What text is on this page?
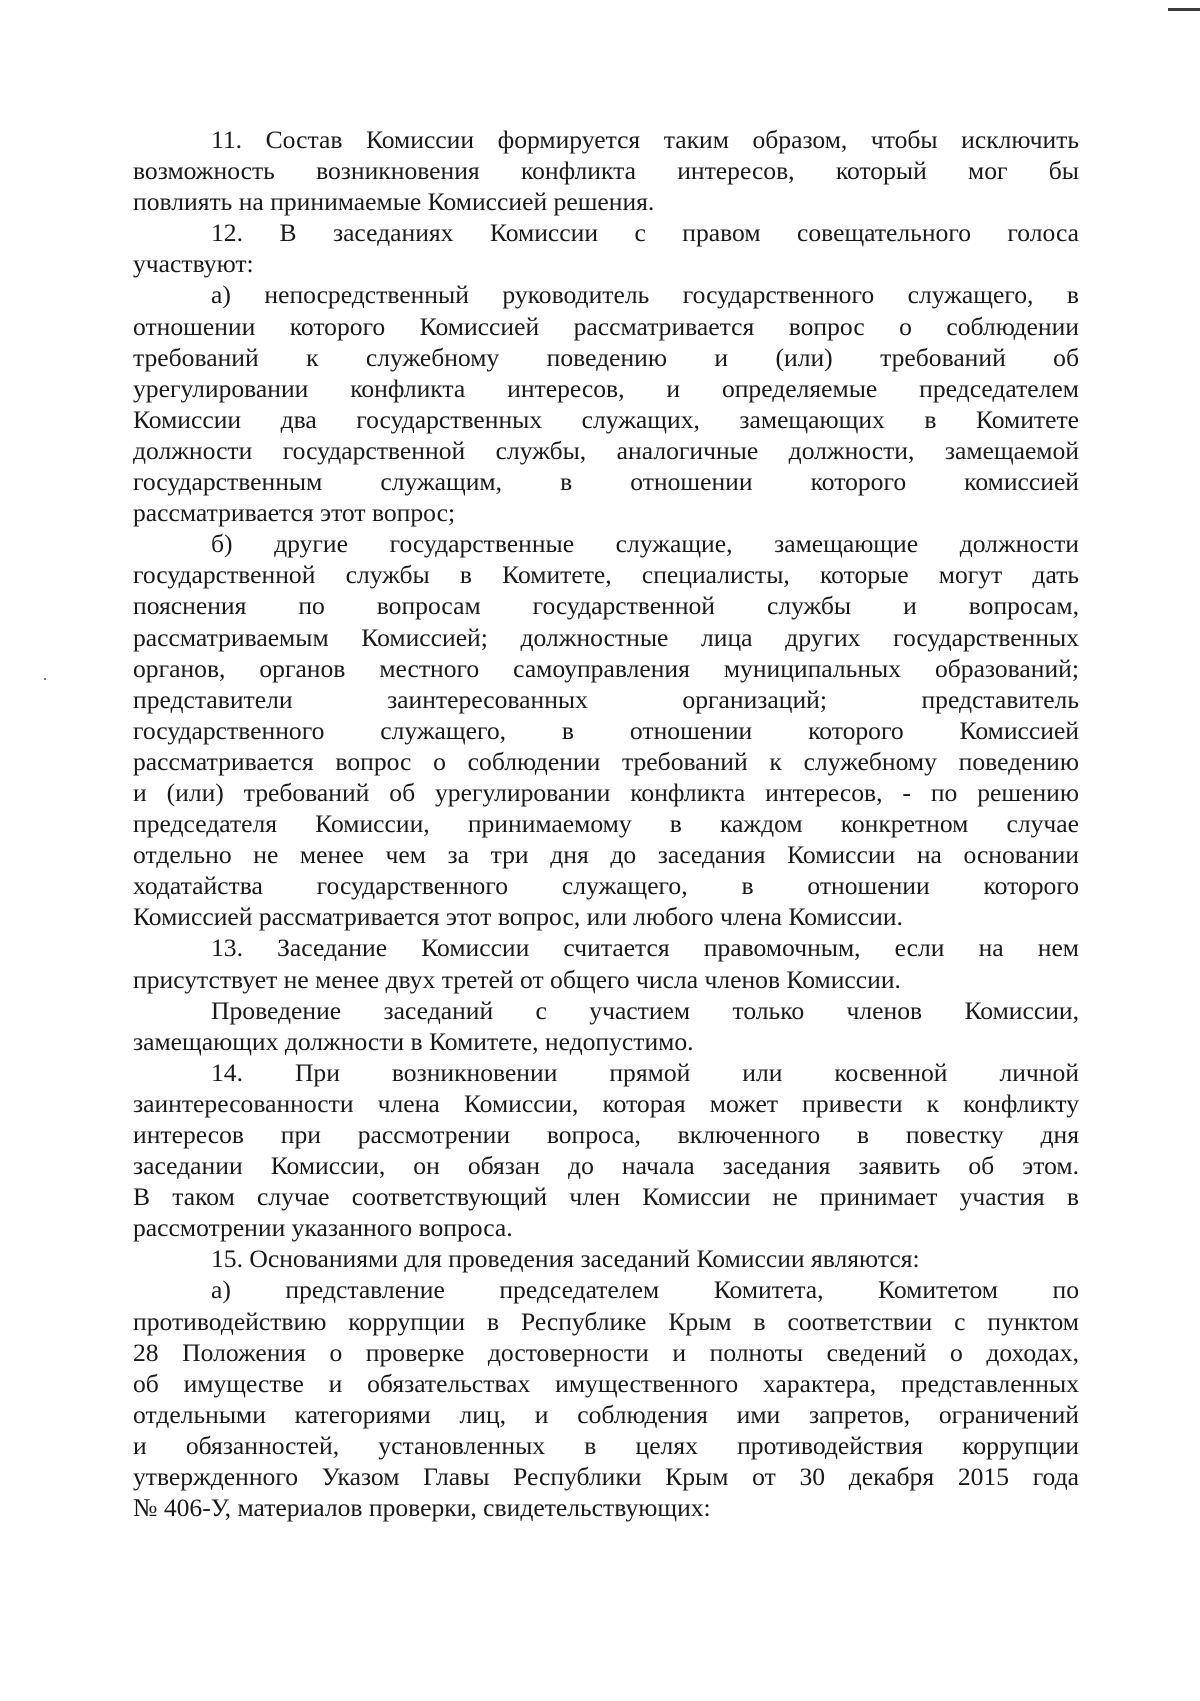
11. Состав Комиссии формируется таким образом, чтобы исключить

возможность возникновения конфликта интересов, который мог бы

повлиять на принимаемые Комиссией решения.

12. В заседаниях Комиссии с правом совещательного голоса

участвуют:

а) непосредственный руководитель государственного служащего, в

отношении которого Комиссией рассматривается вопрос о соблюдении

требований к служебному поведению и (или) требований об

урегулировании конфликта интересов, и определяемые председателем

Комиссии два государственных служащих, замещающих в Комитете

должности государственной службы, аналогичные должности, замещаемой

государственным служащим, в отношении которого комиссией

рассматривается этот вопрос;

б) другие государственные служащие, замещающие должности

государственной службы в Комитете, специалисты, которые могут дать

пояснения по вопросам государственной службы и вопросам,

рассматриваемым Комиссией; должностные лица других государственных

органов, органов местного самоуправления муниципальных образований;

представители заинтересованных организаций; представитель

государственного служащего, в отношении которого Комиссией

рассматривается вопрос о соблюдении требований к служебному поведению

и (или) требований об урегулировании конфликта интересов, - по решению

председателя Комиссии, принимаемому в каждом конкретном случае

отдельно не менее чем за три дня до заседания Комиссии на основании

ходатайства государственного служащего, в отношении которого

Комиссией рассматривается этот вопрос, или любого члена Комиссии.

13. Заседание Комиссии считается правомочным, если на нем

присутствует не менее двух третей от общего числа членов Комиссии.

Проведение заседаний с участием только членов Комиссии,

замещающих должности в Комитете, недопустимо.

14. При возникновении прямой или косвенной личной

заинтересованности члена Комиссии, которая может привести к конфликту

интересов при рассмотрении вопроса, включенного в повестку дня

заседании Комиссии, он обязан до начала заседания заявить об этом.

В таком случае соответствующий член Комиссии не принимает участия в

рассмотрении указанного вопроса.

15. Основаниями для проведения заседаний Комиссии являются:

а) представление председателем Комитета, Комитетом по

противодействию коррупции в Республике Крым в соответствии с пунктом

28 Положения о проверке достоверности и полноты сведений о доходах,

об имуществе и обязательствах имущественного характера, представленных

отдельными категориями лиц, и соблюдения ими запретов, ограничений

и обязанностей, установленных в целях противодействия коррупции

утвержденного Указом Главы Республики Крым от 30 декабря 2015 года

№ 406-У, материалов проверки, свидетельствующих:
